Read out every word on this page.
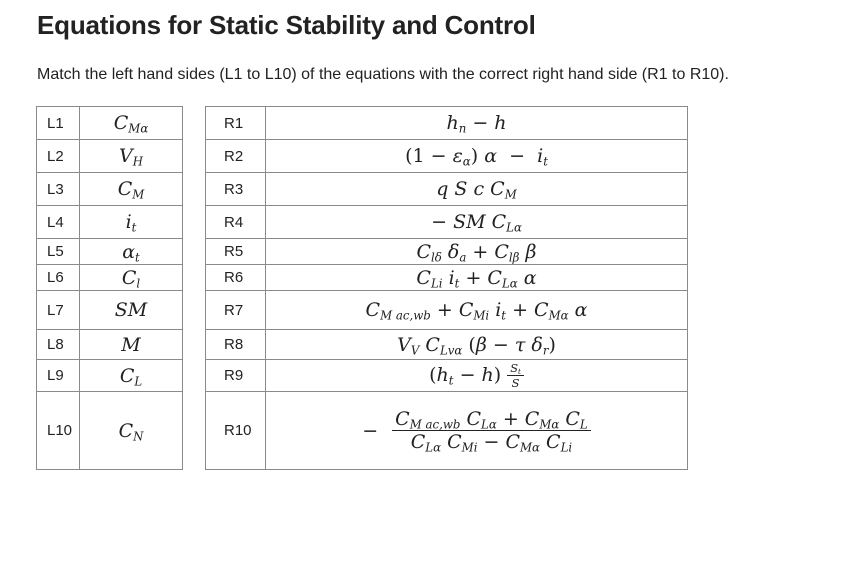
Equations for Static Stability and Control

Match the left hand sides (L1 to L10) of the equations with the correct right hand side (R1 to R10).

L1	$C_{M\alpha}$
L2	$V_H$
L3	$C_M$
L4	$i_t$
L5	$\alpha_t$
L6	$C_l$
L7	SM
L8	M
L9	$C_L$
L10	$C_N$
R1	$h_n - h$
R2	$(1 - \varepsilon_\alpha)$ $\alpha - i_t$
R3	q S c $C_M$
R4	− SM $C_{L\alpha}$
R5	$C_{l\delta}$ $\delta_a + C_{l\beta}$ β
R6	$C_{Li}$ $i_t + C_{L\alpha}$ α
R7	$C_{M ac,wb} + C_{Mi}$ $i_t + C_{M\alpha}$ α
R8	$V_V$ $C_{Lv\alpha}$ (β − τ $\delta_r$)
R9	$(h_t - h) \frac{S_t}{S}$

R10	− $\frac{C_{M ac,wb} C_{L\alpha} + C_{M\alpha} C_L}{C_{L\alpha} C_{Mi} - C_{M\alpha} C_{Li}}$
